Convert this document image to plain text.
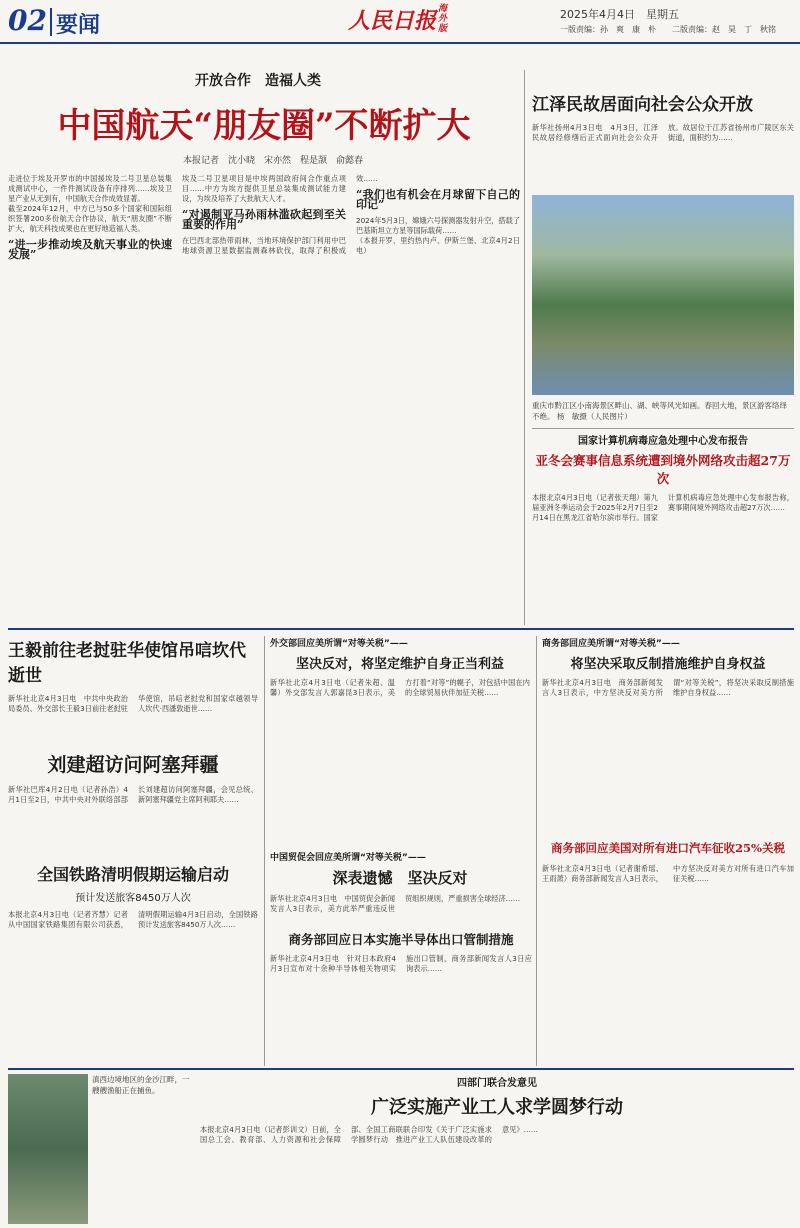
02 要闻	人民日报 海外版
2025年4月4日　星期五
一版责编：孙　爽　康　朴　　二版责编：赵　昊　丁　秋铭
开放合作　造福人类
中国航天“朋友圈”不断扩大
本报记者　沈小晓　宋亦然　程是颉　俞懿春

走进位于埃及开罗市的中国援埃及二号卫星总装集成测试中心，一件件测试设备有序排列……埃及卫星产业从无到有，中国航天合作成效显著。

截至2024年12月，中方已与50多个国家和国际组织签署200多份航天合作协议，航天“朋友圈”不断扩大，航天科技成果也在更好地造福人类。

“进一步推动埃及航天事业的快速发展”

埃及二号卫星项目是中埃两国政府间合作重点项目……中方为埃方提供卫星总装集成测试能力建设，为埃及培养了大批航天人才。

“对遏制亚马孙雨林滥砍起到至关重要的作用”

在巴西北部热带雨林，当地环境保护部门利用中巴地球资源卫星数据监测森林砍伐，取得了积极成效……

“我们也有机会在月球留下自己的印记”

2024年5月3日，嫦娥六号探测器发射升空，搭载了巴基斯坦立方星等国际载荷……

（本报开罗、里约热内卢、伊斯兰堡、北京4月2日电）

江泽民故居面向社会公众开放
新华社扬州4月3日电　4月3日，江泽民故居经修缮后正式面向社会公众开放。故居位于江苏省扬州市广陵区东关街道，面积约为……
重庆市黔江区小南海景区畔山、湖、峡等风光如画。春回大地，景区游客络绎不绝。 杨　敏摄（人民图片）
国家计算机病毒应急处理中心发布报告
亚冬会赛事信息系统遭到境外网络攻击超27万次
本报北京4月3日电（记者张天翔）第九届亚洲冬季运动会于2025年2月7日至2月14日在黑龙江省哈尔滨市举行。国家计算机病毒应急处理中心发布报告称，赛事期间境外网络攻击超27万次……
王毅前往老挝驻华使馆吊唁坎代逝世
新华社北京4月3日电　中共中央政治局委员、外交部长王毅3日前往老挝驻华使馆，吊唁老挝党和国家卓越领导人坎代·西潘敦逝世……
刘建超访问阿塞拜疆
新华社巴库4月2日电（记者孙浩）4月1日至2日，中共中央对外联络部部长刘建超访问阿塞拜疆，会见总统、新阿塞拜疆党主席阿利耶夫……
全国铁路清明假期运输启动
预计发送旅客8450万人次
本报北京4月3日电（记者齐慧）记者从中国国家铁路集团有限公司获悉，清明假期运输4月3日启动，全国铁路预计发送旅客8450万人次……
外交部回应美所谓“对等关税”——
坚决反对，将坚定维护自身正当利益
新华社北京4月3日电（记者朱超、温馨）外交部发言人郭嘉昆3日表示，美方打着“对等”的幌子，对包括中国在内的全球贸易伙伴加征关税……
中国贸促会回应美所谓“对等关税”——
深表遗憾　坚决反对
新华社北京4月3日电　中国贸促会新闻发言人3日表示，美方此举严重违反世贸组织规则，严重损害全球经济……
商务部回应美所谓“对等关税”——
将坚决采取反制措施维护自身权益
新华社北京4月3日电　商务部新闻发言人3日表示，中方坚决反对美方所谓“对等关税”，将坚决采取反制措施维护自身权益……
商务部回应美国对所有进口汽车征收25%关税
新华社北京4月3日电（记者谢希瑶、王雨萧）商务部新闻发言人3日表示，中方坚决反对美方对所有进口汽车加征关税……
商务部回应日本实施半导体出口管制措施
新华社北京4月3日电　针对日本政府4月3日宣布对十余种半导体相关物项实施出口管制，商务部新闻发言人3日应询表示……
滇西边境地区的金沙江畔，一艘艘渔船正在捕鱼。
四部门联合发意见
广泛实施产业工人求学圆梦行动
本报北京4月3日电（记者彭训文）日前，全国总工会、教育部、人力资源和社会保障部、全国工商联联合印发《关于广泛实施求学圆梦行动　推进产业工人队伍建设改革的意见》……
